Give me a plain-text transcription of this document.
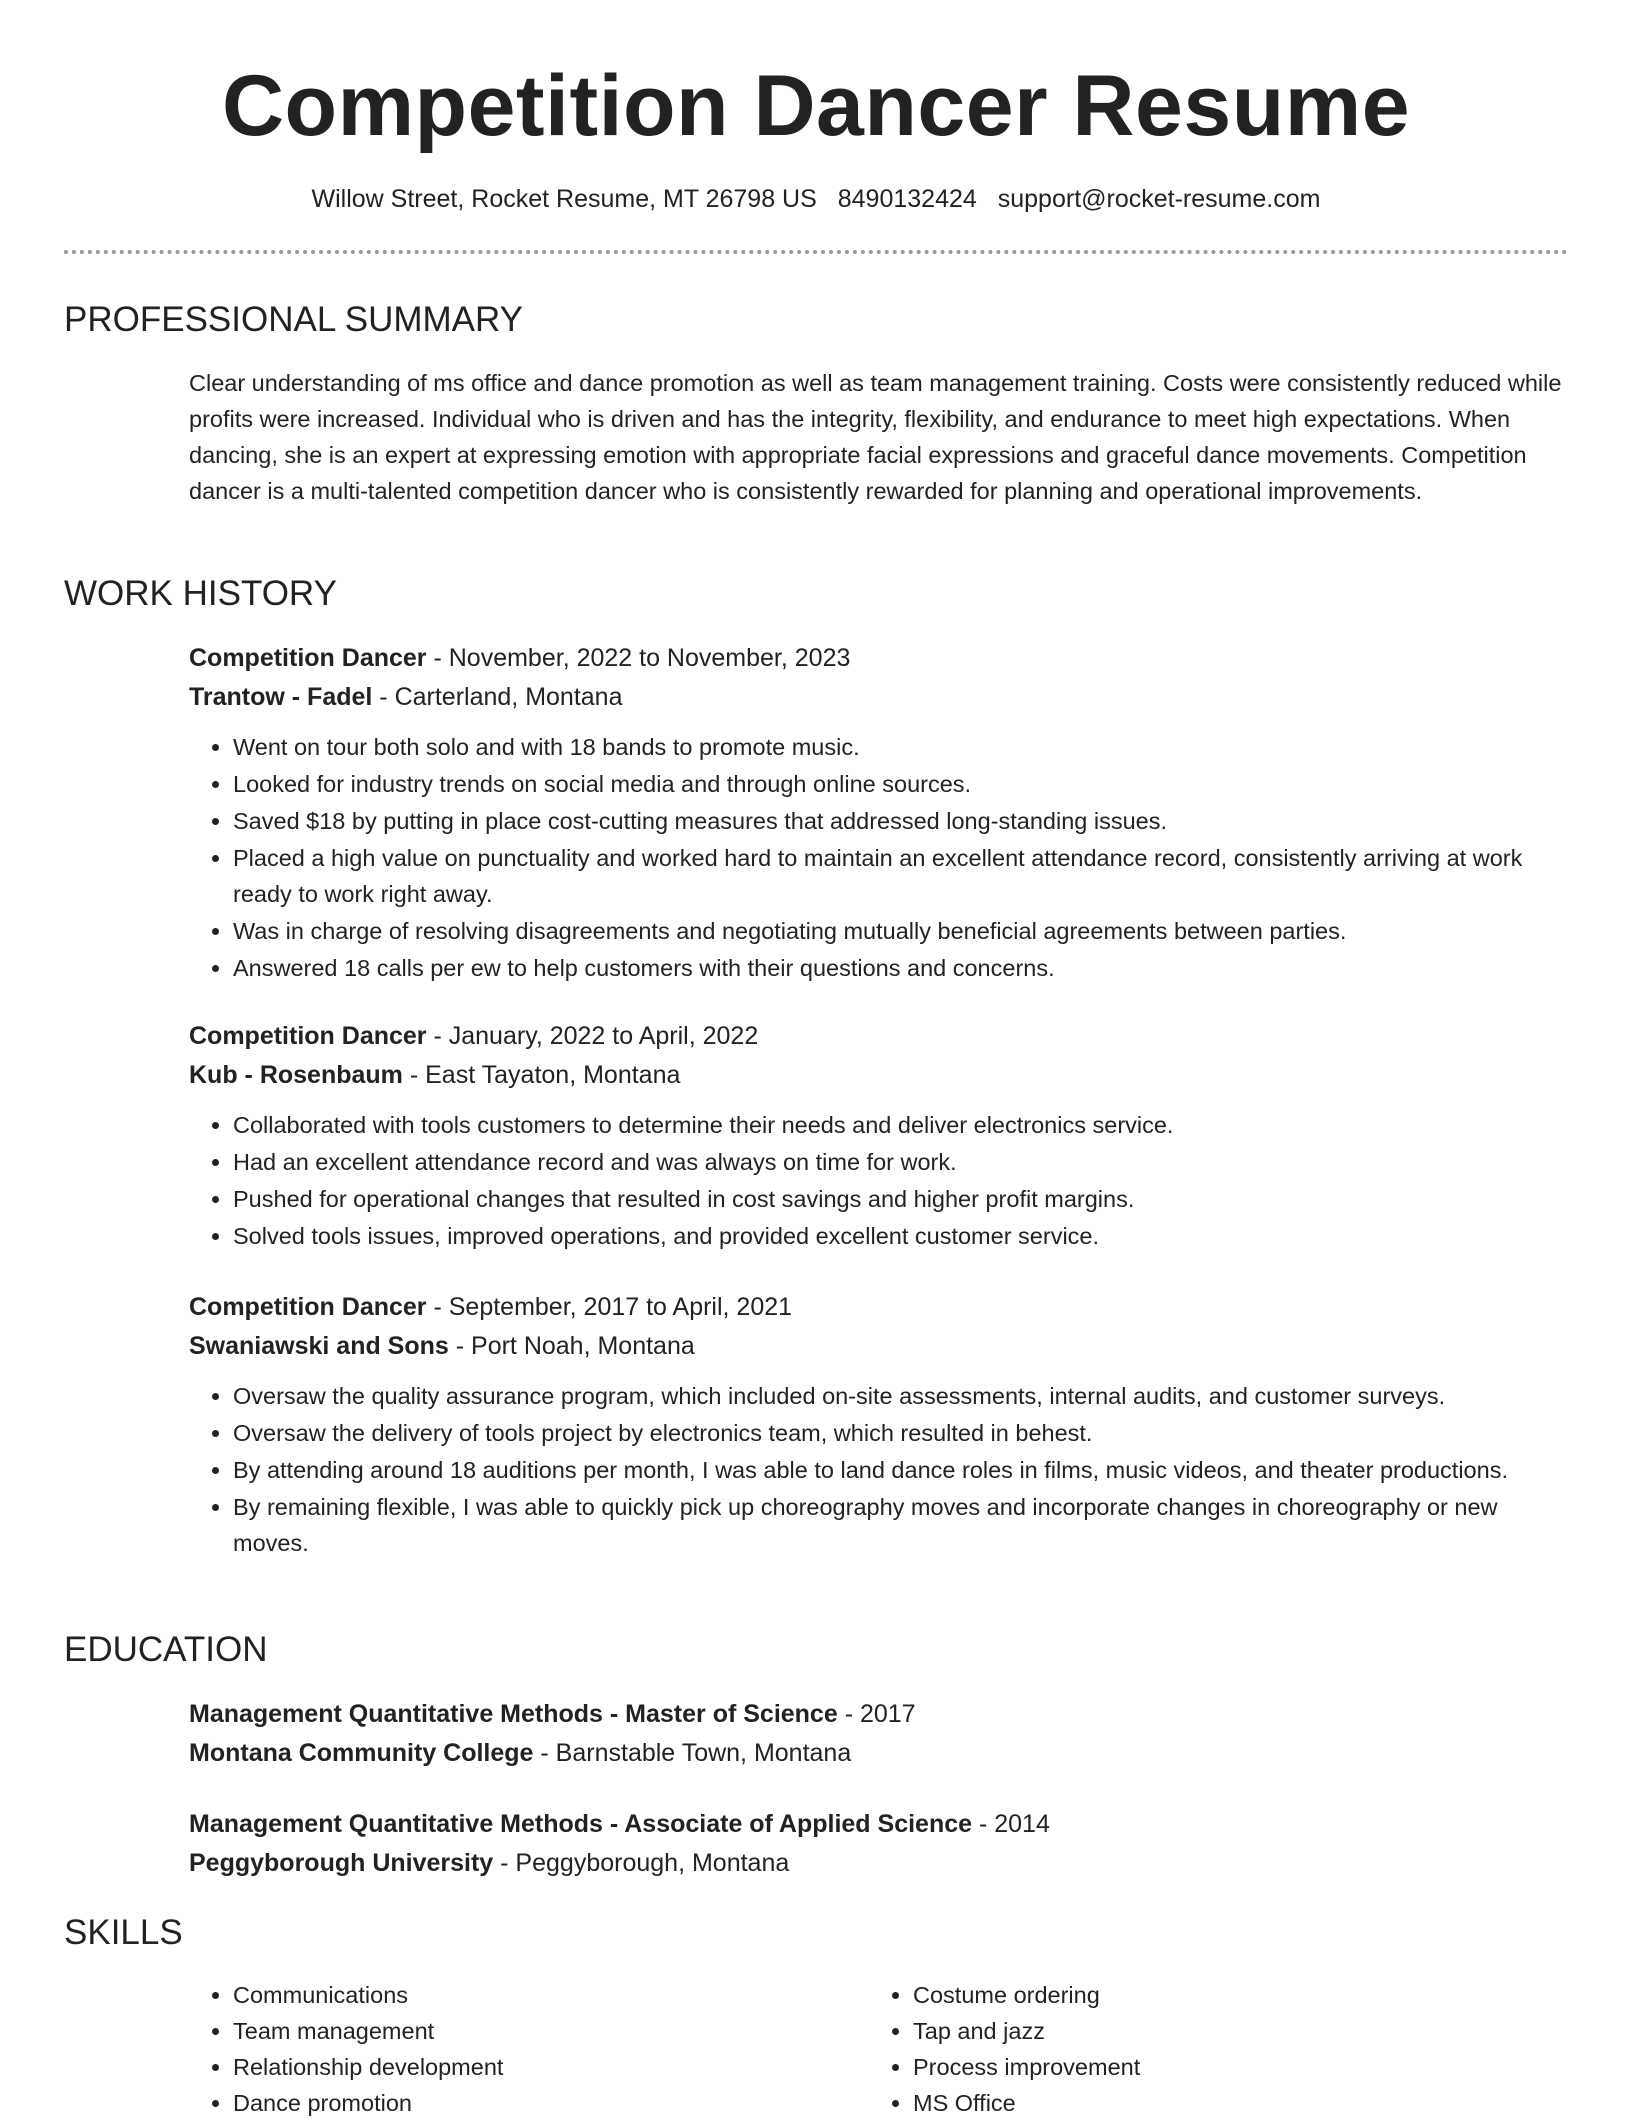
Competition Dancer Resume
Willow Street, Rocket Resume, MT 26798 US 8490132424 support@rocket-resume.com
PROFESSIONAL SUMMARY
Clear understanding of ms office and dance promotion as well as team management training. Costs were consistently reduced while profits were increased. Individual who is driven and has the integrity, flexibility, and endurance to meet high expectations. When dancing, she is an expert at expressing emotion with appropriate facial expressions and graceful dance movements. Competition dancer is a multi-talented competition dancer who is consistently rewarded for planning and operational improvements.
WORK HISTORY
Competition Dancer - November, 2022 to November, 2023
Trantow - Fadel - Carterland, Montana
• Went on tour both solo and with 18 bands to promote music.
• Looked for industry trends on social media and through online sources.
• Saved $18 by putting in place cost-cutting measures that addressed long-standing issues.
• Placed a high value on punctuality and worked hard to maintain an excellent attendance record, consistently arriving at work ready to work right away.
• Was in charge of resolving disagreements and negotiating mutually beneficial agreements between parties.
• Answered 18 calls per ew to help customers with their questions and concerns.
Competition Dancer - January, 2022 to April, 2022
Kub - Rosenbaum - East Tayaton, Montana
• Collaborated with tools customers to determine their needs and deliver electronics service.
• Had an excellent attendance record and was always on time for work.
• Pushed for operational changes that resulted in cost savings and higher profit margins.
• Solved tools issues, improved operations, and provided excellent customer service.
Competition Dancer - September, 2017 to April, 2021
Swaniawski and Sons - Port Noah, Montana
• Oversaw the quality assurance program, which included on-site assessments, internal audits, and customer surveys.
• Oversaw the delivery of tools project by electronics team, which resulted in behest.
• By attending around 18 auditions per month, I was able to land dance roles in films, music videos, and theater productions.
• By remaining flexible, I was able to quickly pick up choreography moves and incorporate changes in choreography or new moves.
EDUCATION
Management Quantitative Methods - Master of Science - 2017
Montana Community College - Barnstable Town, Montana
Management Quantitative Methods - Associate of Applied Science - 2014
Peggyborough University - Peggyborough, Montana
SKILLS
• Communications
• Team management
• Relationship development
• Dance promotion
• Costume ordering
• Tap and jazz
• Process improvement
• MS Office
